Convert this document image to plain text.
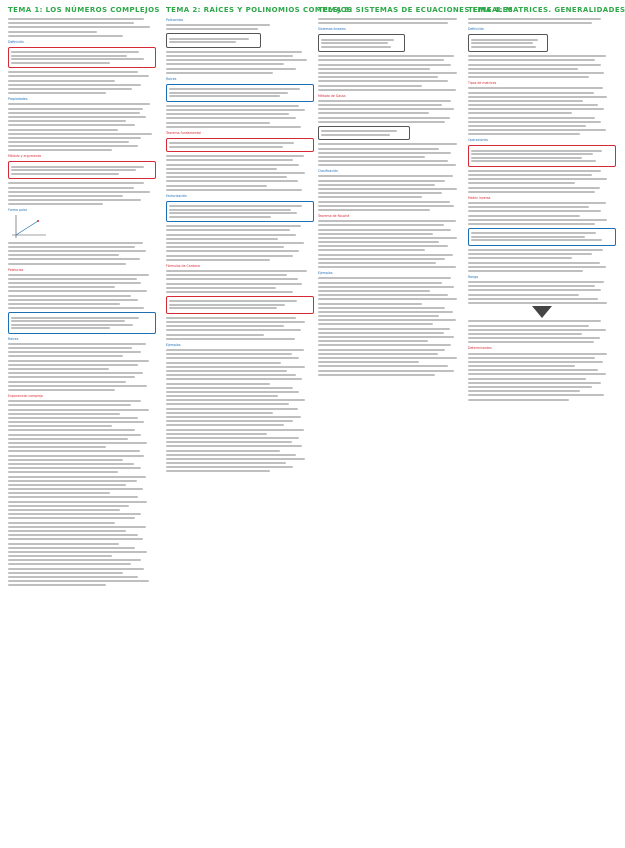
TEMA 1: LOS NÚMEROS COMPLEJOS
Definición
Propiedades
Módulo y argumento
Forma polar
Potencias
Raíces
Exponencial compleja
TEMA 2: RAÍCES Y POLINOMIOS COMPLEJOS
Polinomios
Raíces
Teorema fundamental
Factorización
Fórmulas de Cardano
Ejemplos
TEMA 3: SISTEMAS DE ECUACIONES LINEALES
Sistemas lineales
Método de Gauss
Clasificación
Teorema de Rouché
Ejemplos
TEMA 4: MATRICES. GENERALIDADES
Definición
Tipos de matrices
Operaciones
Matriz inversa
Rango
Determinantes
